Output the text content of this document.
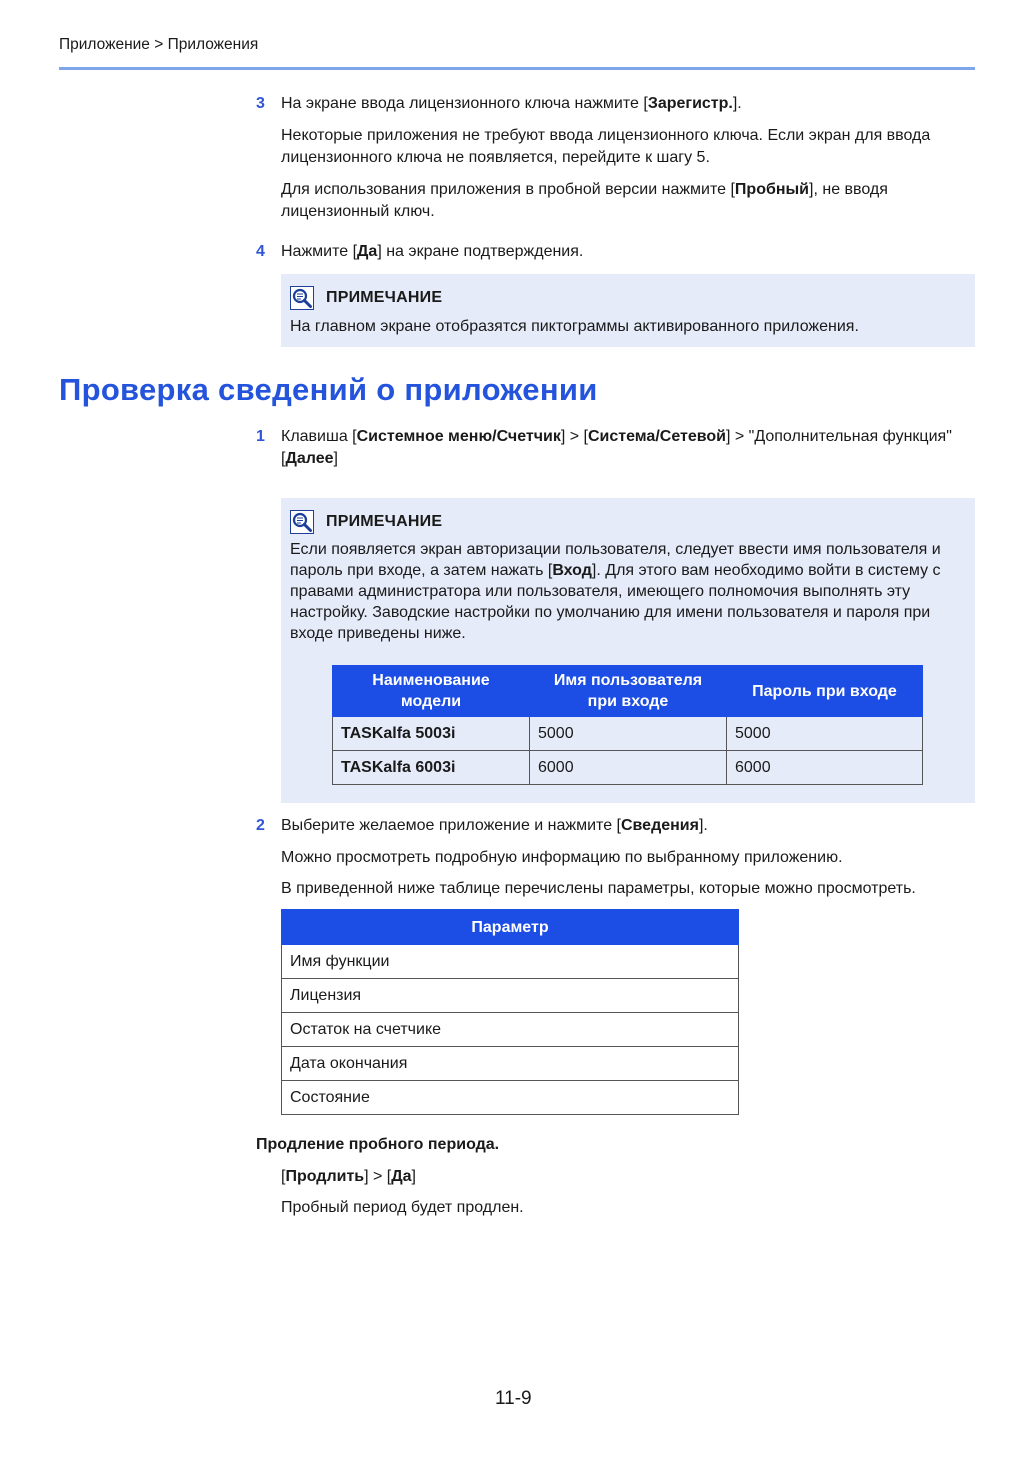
Приложение > Приложения
3 На экране ввода лицензионного ключа нажмите [Зарегистр.].
Некоторые приложения не требуют ввода лицензионного ключа. Если экран для ввода лицензионного ключа не появляется, перейдите к шагу 5.
Для использования приложения в пробной версии нажмите [Пробный], не вводя лицензионный ключ.
4 Нажмите [Да] на экране подтверждения.
ПРИМЕЧАНИЕ
На главном экране отобразятся пиктограммы активированного приложения.
Проверка сведений о приложении
1 Клавиша [Системное меню/Счетчик] > [Система/Сетевой] > "Дополнительная функция" [Далее]
ПРИМЕЧАНИЕ
Если появляется экран авторизации пользователя, следует ввести имя пользователя и пароль при входе, а затем нажать [Вход]. Для этого вам необходимо войти в систему с правами администратора или пользователя, имеющего полномочия выполнять эту настройку. Заводские настройки по умолчанию для имени пользователя и пароля при входе приведены ниже.
Наименование модели	Имя пользователя при входе	Пароль при входе
TASKalfa 5003i	5000	5000
TASKalfa 6003i	6000	6000
2 Выберите желаемое приложение и нажмите [Сведения].
Можно просмотреть подробную информацию по выбранному приложению.
В приведенной ниже таблице перечислены параметры, которые можно просмотреть.
Параметр
Имя функции
Лицензия
Остаток на счетчике
Дата окончания
Состояние
Продление пробного периода.
[Продлить] > [Да]
Пробный период будет продлен.
11-9
